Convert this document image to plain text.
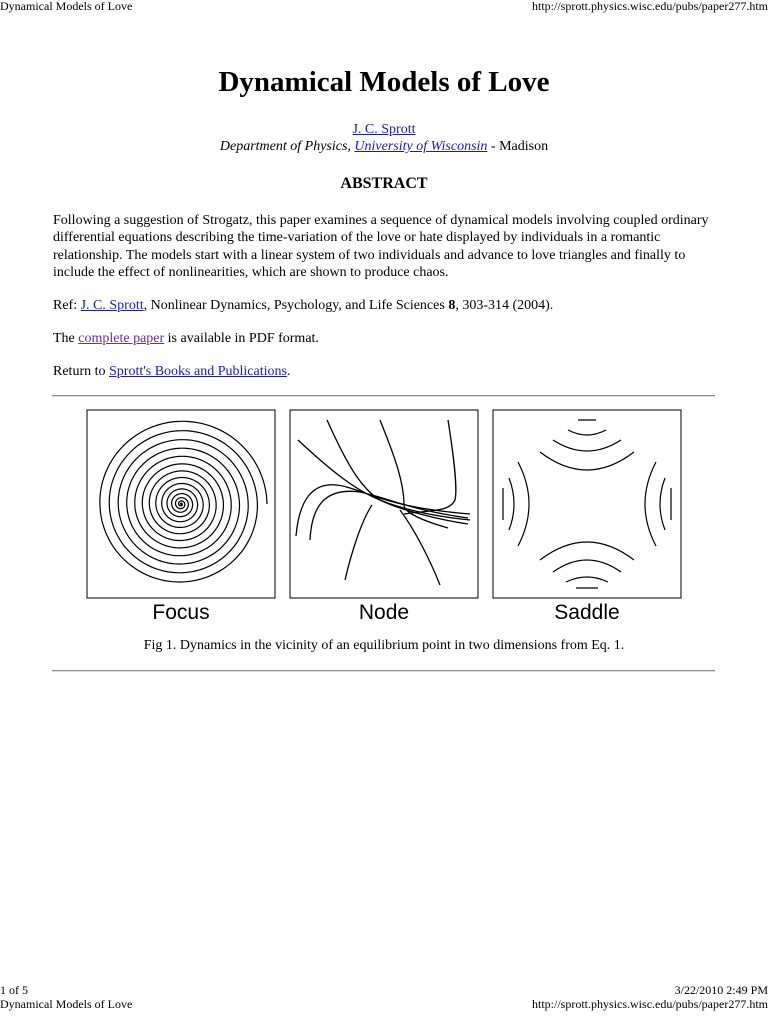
Dynamical Models of Love	http://sprott.physics.wisc.edu/pubs/paper277.htm
Dynamical Models of Love
J. C. Sprott
Department of Physics, University of Wisconsin - Madison
ABSTRACT

Following a suggestion of Strogatz, this paper examines a sequence of dynamical models involving coupled ordinary differential equations describing the time-variation of the love or hate displayed by individuals in a romantic relationship. The models start with a linear system of two individuals and advance to love triangles and finally to include the effect of nonlinearities, which are shown to produce chaos.

Ref: J. C. Sprott, Nonlinear Dynamics, Psychology, and Life Sciences 8, 303-314 (2004).

The complete paper is available in PDF format.

Return to Sprott's Books and Publications.

Focus	Node	Saddle
Fig 1. Dynamics in the vicinity of an equilibrium point in two dimensions from Eq. 1.
1 of 5	3/22/2010 2:49 PM
Dynamical Models of Love	http://sprott.physics.wisc.edu/pubs/paper277.htm
